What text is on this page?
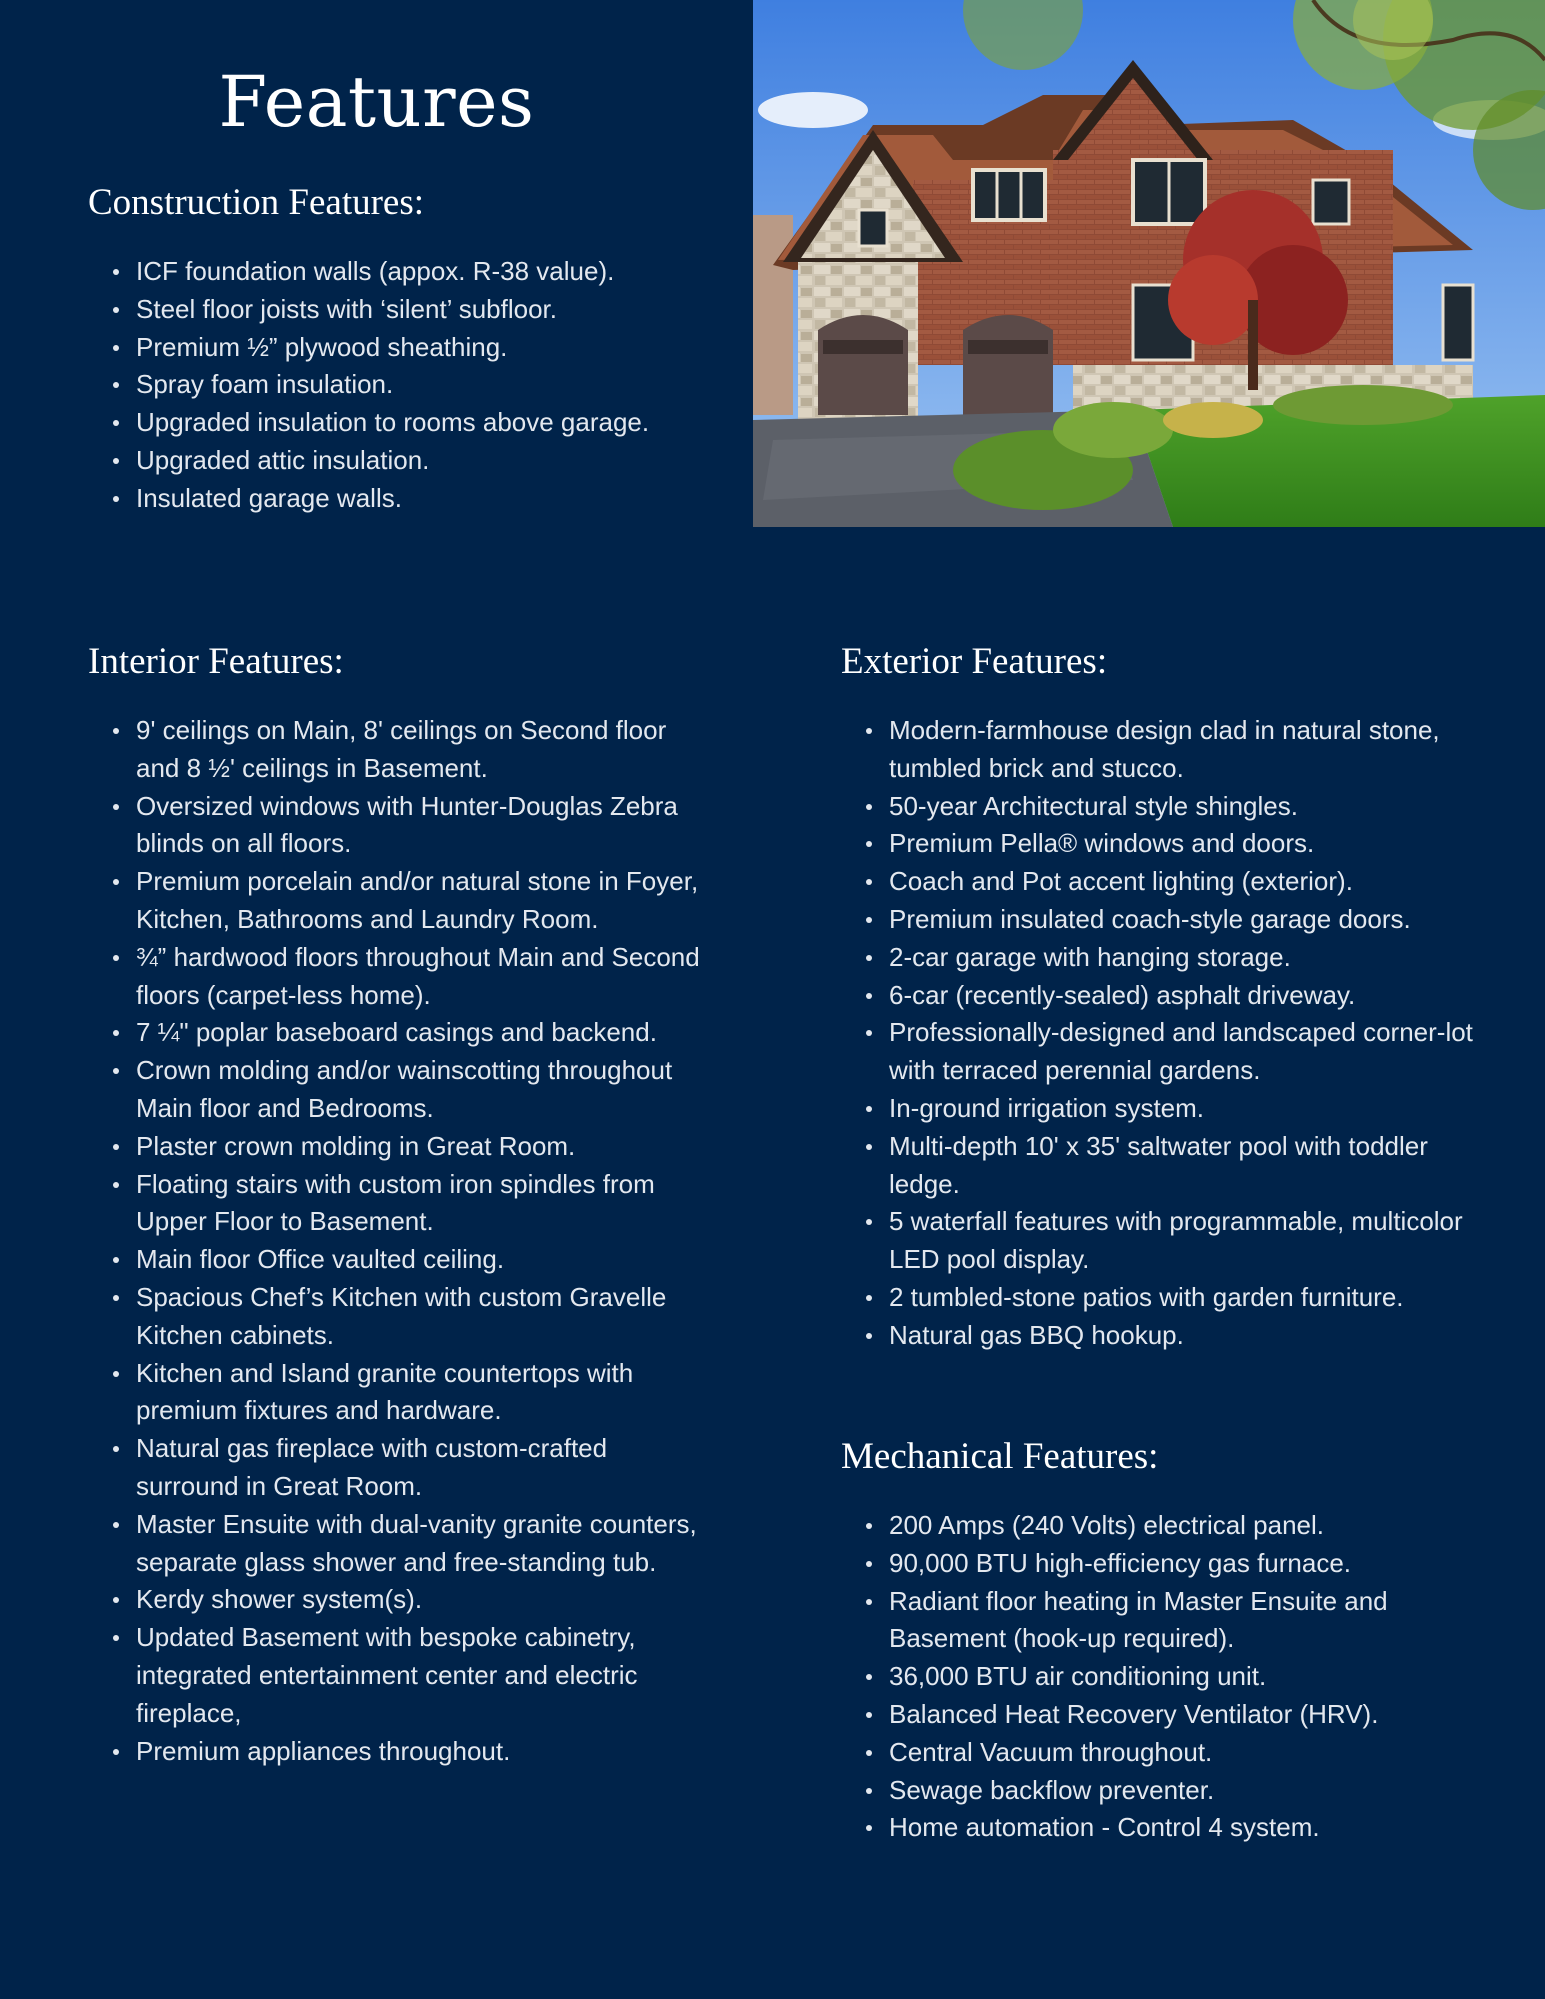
Features
Construction Features:
ICF foundation walls (appox. R-38 value).
Steel floor joists with ‘silent’ subfloor.
Premium ½” plywood sheathing.
Spray foam insulation.
Upgraded insulation to rooms above garage.
Upgraded attic insulation.
Insulated garage walls.
Interior Features:
9' ceilings on Main, 8' ceilings on Second floor and 8 ½' ceilings in Basement.
Oversized windows with Hunter-Douglas Zebra blinds on all floors.
Premium porcelain and/or natural stone in Foyer, Kitchen, Bathrooms and Laundry Room.
¾” hardwood floors throughout Main and Second floors (carpet-less home).
7 ¼" poplar baseboard casings and backend.
Crown molding and/or wainscotting throughout Main floor and Bedrooms.
Plaster crown molding in Great Room.
Floating stairs with custom iron spindles from Upper Floor to Basement.
Main floor Office vaulted ceiling.
Spacious Chef’s Kitchen with custom Gravelle Kitchen cabinets.
Kitchen and Island granite countertops with premium fixtures and hardware.
Natural gas fireplace with custom-crafted surround in Great Room.
Master Ensuite with dual-vanity granite counters, separate glass shower and free-standing tub.
Kerdy shower system(s).
Updated Basement with bespoke cabinetry, integrated entertainment center and electric fireplace,
Premium appliances throughout.
Exterior Features:
Modern-farmhouse design clad in natural stone, tumbled brick and stucco.
50-year Architectural style shingles.
Premium Pella® windows and doors.
Coach and Pot accent lighting (exterior).
Premium insulated coach-style garage doors.
2-car garage with hanging storage.
6-car (recently-sealed) asphalt driveway.
Professionally-designed and landscaped corner-lot with terraced perennial gardens.
In-ground irrigation system.
Multi-depth 10' x 35' saltwater pool with toddler ledge.
5 waterfall features with programmable, multicolor LED pool display.
2 tumbled-stone patios with garden furniture.
Natural gas BBQ hookup.
Mechanical Features:
200 Amps (240 Volts) electrical panel.
90,000 BTU high-efficiency gas furnace.
Radiant floor heating in Master Ensuite and Basement (hook-up required).
36,000 BTU air conditioning unit.
Balanced Heat Recovery Ventilator (HRV).
Central Vacuum throughout.
Sewage backflow preventer.
Home automation - Control 4 system.
